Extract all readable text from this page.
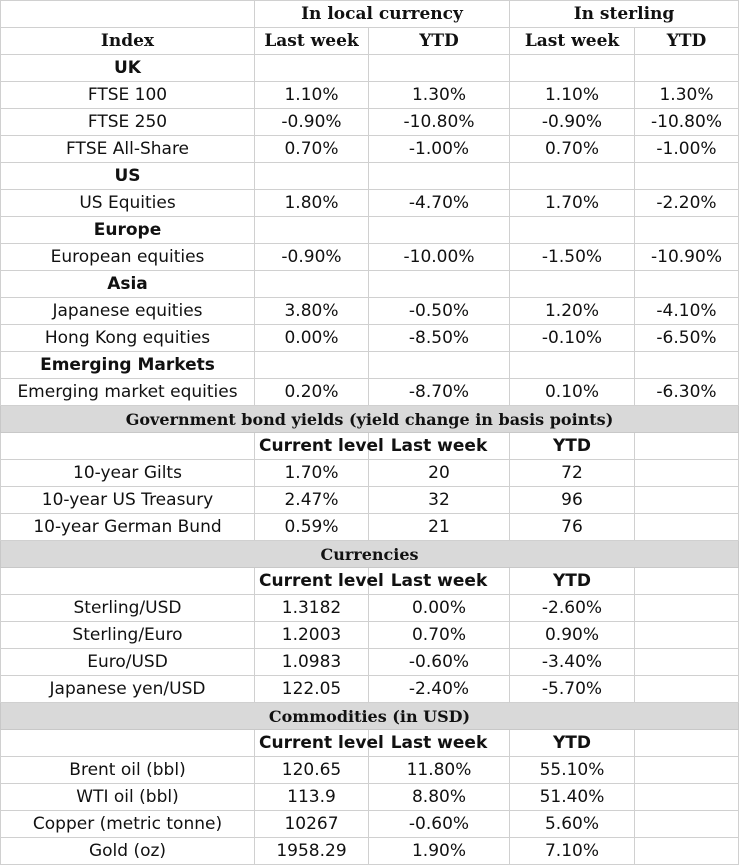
	In local currency		In sterling	
Index	Last week	YTD	Last week	YTD
UK				
FTSE 100	1.10%	1.30%	1.10%	1.30%
FTSE 250	-0.90%	-10.80%	-0.90%	-10.80%
FTSE All-Share	0.70%	-1.00%	0.70%	-1.00%
US				
US Equities	1.80%	-4.70%	1.70%	-2.20%
Europe				
European equities	-0.90%	-10.00%	-1.50%	-10.90%
Asia				
Japanese equities	3.80%	-0.50%	1.20%	-4.10%
Hong Kong equities	0.00%	-8.50%	-0.10%	-6.50%
Emerging Markets				
Emerging market equities	0.20%	-8.70%	0.10%	-6.30%
Government bond yields (yield change in basis points)				
	Current level	Last week	YTD	
10-year Gilts	1.70%	20	72	
10-year US Treasury	2.47%	32	96	
10-year German Bund	0.59%	21	76	
Currencies				
	Current level	Last week	YTD	
Sterling/USD	1.3182	0.00%	-2.60%	
Sterling/Euro	1.2003	0.70%	0.90%	
Euro/USD	1.0983	-0.60%	-3.40%	
Japanese yen/USD	122.05	-2.40%	-5.70%	
Commodities (in USD)				
	Current level	Last week	YTD	
Brent oil (bbl)	120.65	11.80%	55.10%	
WTI oil (bbl)	113.9	8.80%	51.40%	
Copper (metric tonne)	10267	-0.60%	5.60%	
Gold (oz)	1958.29	1.90%	7.10%	
